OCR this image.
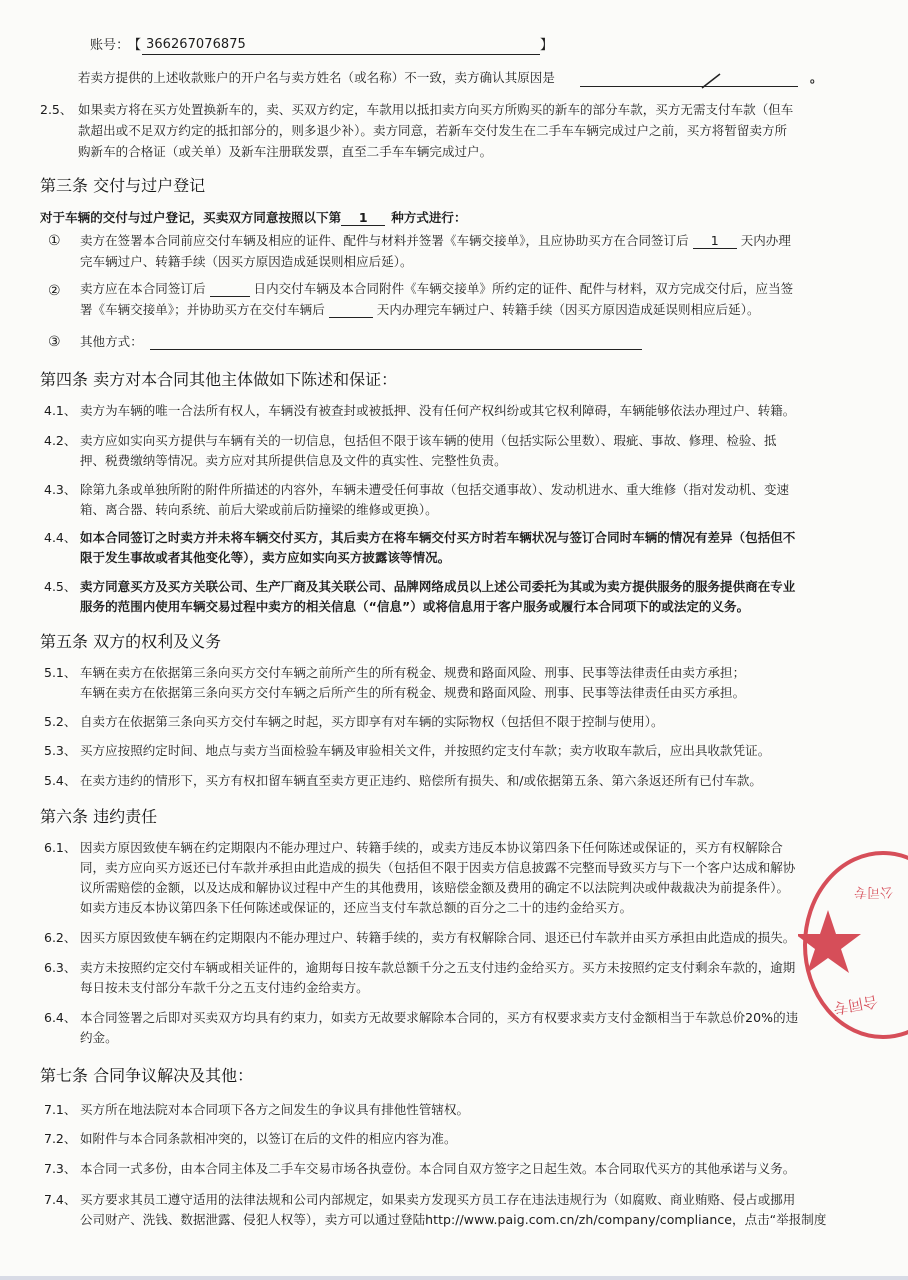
账号：
【 366267076875	】
若卖方提供的上述收款账户的开户名与卖方姓名（或名称）不一致，卖方确认其原因是	。
2.5、 如果卖方将在买方处置换新车的，卖、买双方约定，车款用以抵扣卖方向买方所购买的新车的部分车款，买方无需支付车款（但车
款超出或不足双方约定的抵扣部分的，则多退少补）。卖方同意，若新车交付发生在二手车车辆完成过户之前，买方将暂留卖方所
购新车的合格证（或关单）及新车注册联发票，直至二手车车辆完成过户。
第三条 交付与过户登记
对于车辆的交付与过户登记，买卖双方同意按照以下第 1 种方式进行：
① 卖方在签署本合同前应交付车辆及相应的证件、配件与材料并签署《车辆交接单》，且应协助买方在合同签订后 1 天内办理
完车辆过户、转籍手续（因买方原因造成延误则相应后延）。
② 卖方应在本合同签订后	日内交付车辆及本合同附件《车辆交接单》所约定的证件、配件与材料，双方完成交付后，应当签
署《车辆交接单》；并协助买方在交付车辆后	天内办理完车辆过户、转籍手续（因买方原因造成延误则相应后延）。
③ 其他方式：
第四条 卖方对本合同其他主体做如下陈述和保证：
4.1、 卖方为车辆的唯一合法所有权人，车辆没有被查封或被抵押、没有任何产权纠纷或其它权利障碍，车辆能够依法办理过户、转籍。
4.2、 卖方应如实向买方提供与车辆有关的一切信息，包括但不限于该车辆的使用（包括实际公里数）、瑕疵、事故、修理、检验、抵
押、税费缴纳等情况。卖方应对其所提供信息及文件的真实性、完整性负责。
4.3、 除第九条或单独所附的附件所描述的内容外，车辆未遭受任何事故（包括交通事故）、发动机进水、重大维修（指对发动机、变速
箱、离合器、转向系统、前后大梁或前后防撞梁的维修或更换）。
4.4、 如本合同签订之时卖方并未将车辆交付买方，其后卖方在将车辆交付买方时若车辆状况与签订合同时车辆的情况有差异（包括但不
限于发生事故或者其他变化等），卖方应如实向买方披露该等情况。
4.5、 卖方同意买方及买方关联公司、生产厂商及其关联公司、品牌网络成员以上述公司委托为其或为卖方提供服务的服务提供商在专业
服务的范围内使用车辆交易过程中卖方的相关信息（“信息”）或将信息用于客户服务或履行本合同项下的或法定的义务。
第五条 双方的权利及义务
5.1、 车辆在卖方在依据第三条向买方交付车辆之前所产生的所有税金、规费和路面风险、刑事、民事等法律责任由卖方承担；
车辆在卖方在依据第三条向买方交付车辆之后所产生的所有税金、规费和路面风险、刑事、民事等法律责任由买方承担。
5.2、 自卖方在依据第三条向买方交付车辆之时起，买方即享有对车辆的实际物权（包括但不限于控制与使用）。
5.3、 买方应按照约定时间、地点与卖方当面检验车辆及审验相关文件，并按照约定支付车款；卖方收取车款后，应出具收款凭证。
5.4、 在卖方违约的情形下，买方有权扣留车辆直至卖方更正违约、赔偿所有损失、和/或依据第五条、第六条返还所有已付车款。
第六条 违约责任
6.1、 因卖方原因致使车辆在约定期限内不能办理过户、转籍手续的，或卖方违反本协议第四条下任何陈述或保证的，买方有权解除合
同，卖方应向买方返还已付车款并承担由此造成的损失（包括但不限于因卖方信息披露不完整而导致买方与下一个客户达成和解协
议所需赔偿的金额，以及达成和解协议过程中产生的其他费用，该赔偿金额及费用的确定不以法院判决或仲裁裁决为前提条件）。
如卖方违反本协议第四条下任何陈述或保证的，还应当支付车款总额的百分之二十的违约金给买方。
6.2、 因买方原因致使车辆在约定期限内不能办理过户、转籍手续的，卖方有权解除合同、退还已付车款并由买方承担由此造成的损失。
6.3、 卖方未按照约定交付车辆或相关证件的，逾期每日按车款总额千分之五支付违约金给买方。买方未按照约定支付剩余车款的，逾期
每日按未支付部分车款千分之五支付违约金给卖方。
6.4、 本合同签署之后即对买卖双方均具有约束力，如卖方无故要求解除本合同的，买方有权要求卖方支付金额相当于车款总价20%的违
约金。
第七条 合同争议解决及其他：
7.1、 买方所在地法院对本合同项下各方之间发生的争议具有排他性管辖权。
7.2、 如附件与本合同条款相冲突的，以签订在后的文件的相应内容为准。
7.3、 本合同一式多份，由本合同主体及二手车交易市场各执壹份。本合同自双方签字之日起生效。本合同取代买方的其他承诺与义务。
7.4、 买方要求其员工遵守适用的法律法规和公司内部规定，如果卖方发现买方员工存在违法违规行为（如腐败、商业贿赂、侵占或挪用
公司财产、洗钱、数据泄露、侵犯人权等），卖方可以通过登陆http://www.paig.com.cn/zh/company/compliance，点击“举报制度
公司专
合同专
